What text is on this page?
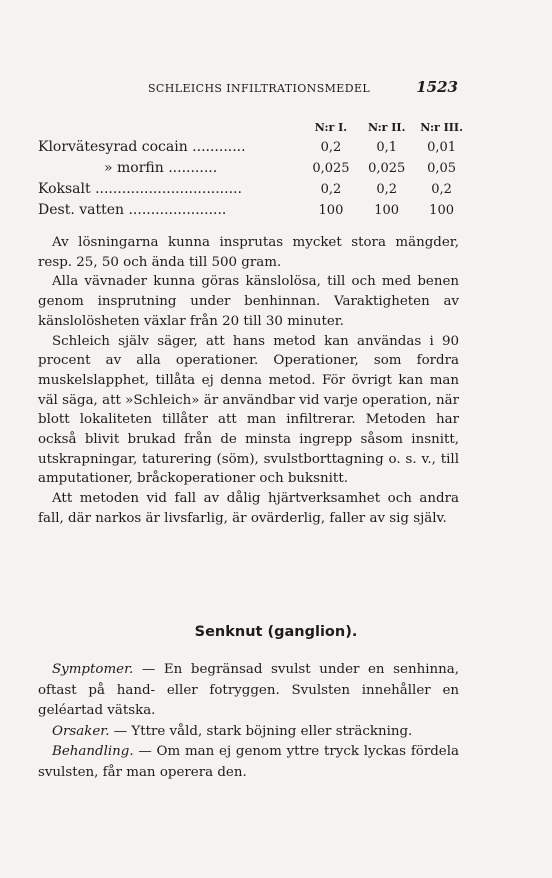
SCHLEICHS INFILTRATIONSMEDEL	1523
	N:r I.	N:r II.	N:r III.
Klorvätesyrad cocain ............	0,2	0,1	0,01
» morfin ...........	0,025	0,025	0,05
Koksalt .................................	0,2	0,2	0,2
Dest. vatten ......................	100	100	100

Av lösningarna kunna insprutas mycket stora mängder, resp. 25, 50 och ända till 500 gram.

Alla vävnader kunna göras känslolösa, till och med benen genom insprutning under benhinnan. Varaktigheten av känslolösheten växlar från 20 till 30 minuter.

Schleich själv säger, att hans metod kan användas i 90 procent av alla operationer. Operationer, som fordra muskelslapphet, tillåta ej denna metod. För övrigt kan man väl säga, att »Schleich» är användbar vid varje operation, när blott lokaliteten tillåter att man infiltrerar. Metoden har också blivit brukad från de minsta ingrepp såsom insnitt, utskrapningar, taturering (söm), svulstborttagning o. s. v., till amputationer, bråckoperationer och buksnitt.

Att metoden vid fall av dålig hjärtverksamhet och andra fall, där narkos är livsfarlig, är ovärderlig, faller av sig själv.

Senknut (ganglion).

Symptomer. — En begränsad svulst under en senhinna, oftast på hand- eller fotryggen. Svulsten innehåller en geléartad vätska.

Orsaker. — Yttre våld, stark böjning eller sträckning.

Behandling. — Om man ej genom yttre tryck lyckas fördela svulsten, får man operera den.
